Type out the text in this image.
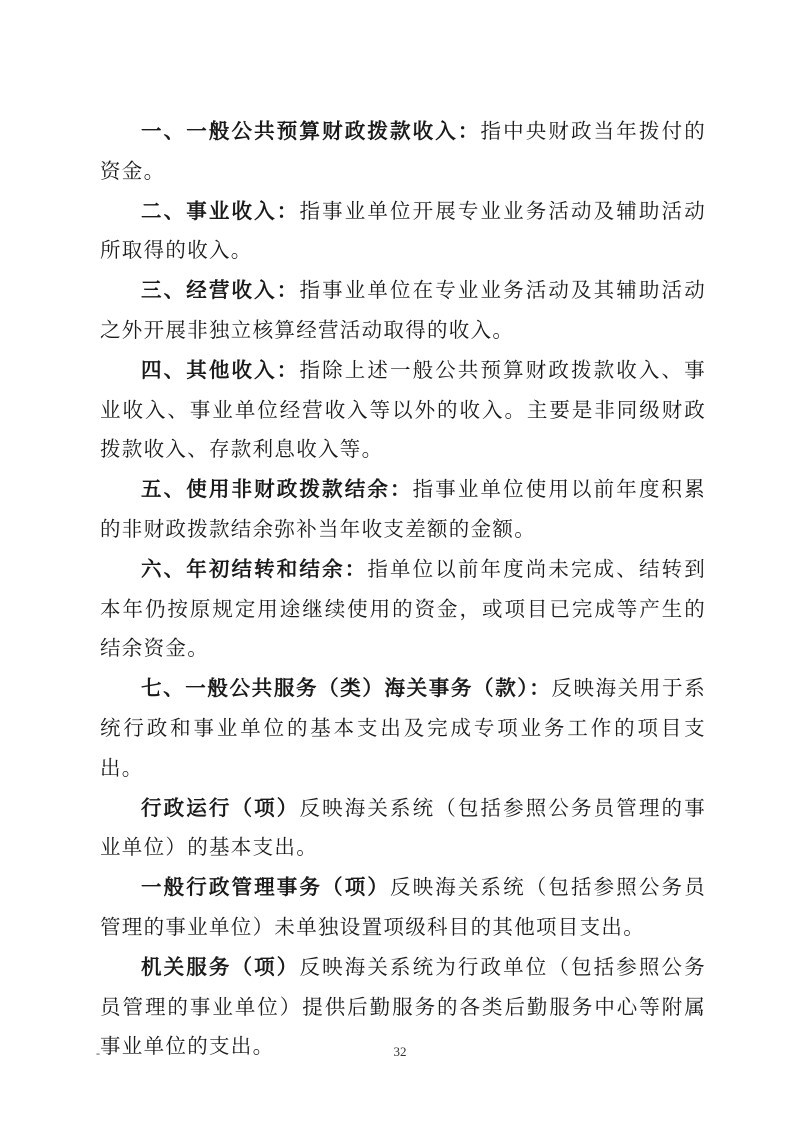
一、一般公共预算财政拨款收入：指中央财政当年拨付的资金。

二、事业收入：指事业单位开展专业业务活动及辅助活动所取得的收入。

三、经营收入：指事业单位在专业业务活动及其辅助活动之外开展非独立核算经营活动取得的收入。

四、其他收入：指除上述一般公共预算财政拨款收入、事业收入、事业单位经营收入等以外的收入。主要是非同级财政拨款收入、存款利息收入等。

五、使用非财政拨款结余：指事业单位使用以前年度积累的非财政拨款结余弥补当年收支差额的金额。

六、年初结转和结余：指单位以前年度尚未完成、结转到本年仍按原规定用途继续使用的资金，或项目已完成等产生的结余资金。

七、一般公共服务（类）海关事务（款）：反映海关用于系统行政和事业单位的基本支出及完成专项业务工作的项目支出。

行政运行（项）反映海关系统（包括参照公务员管理的事业单位）的基本支出。

一般行政管理事务（项）反映海关系统（包括参照公务员管理的事业单位）未单独设置项级科目的其他项目支出。

机关服务（项）反映海关系统为行政单位（包括参照公务员管理的事业单位）提供后勤服务的各类后勤服务中心等附属事业单位的支出。

-	32
